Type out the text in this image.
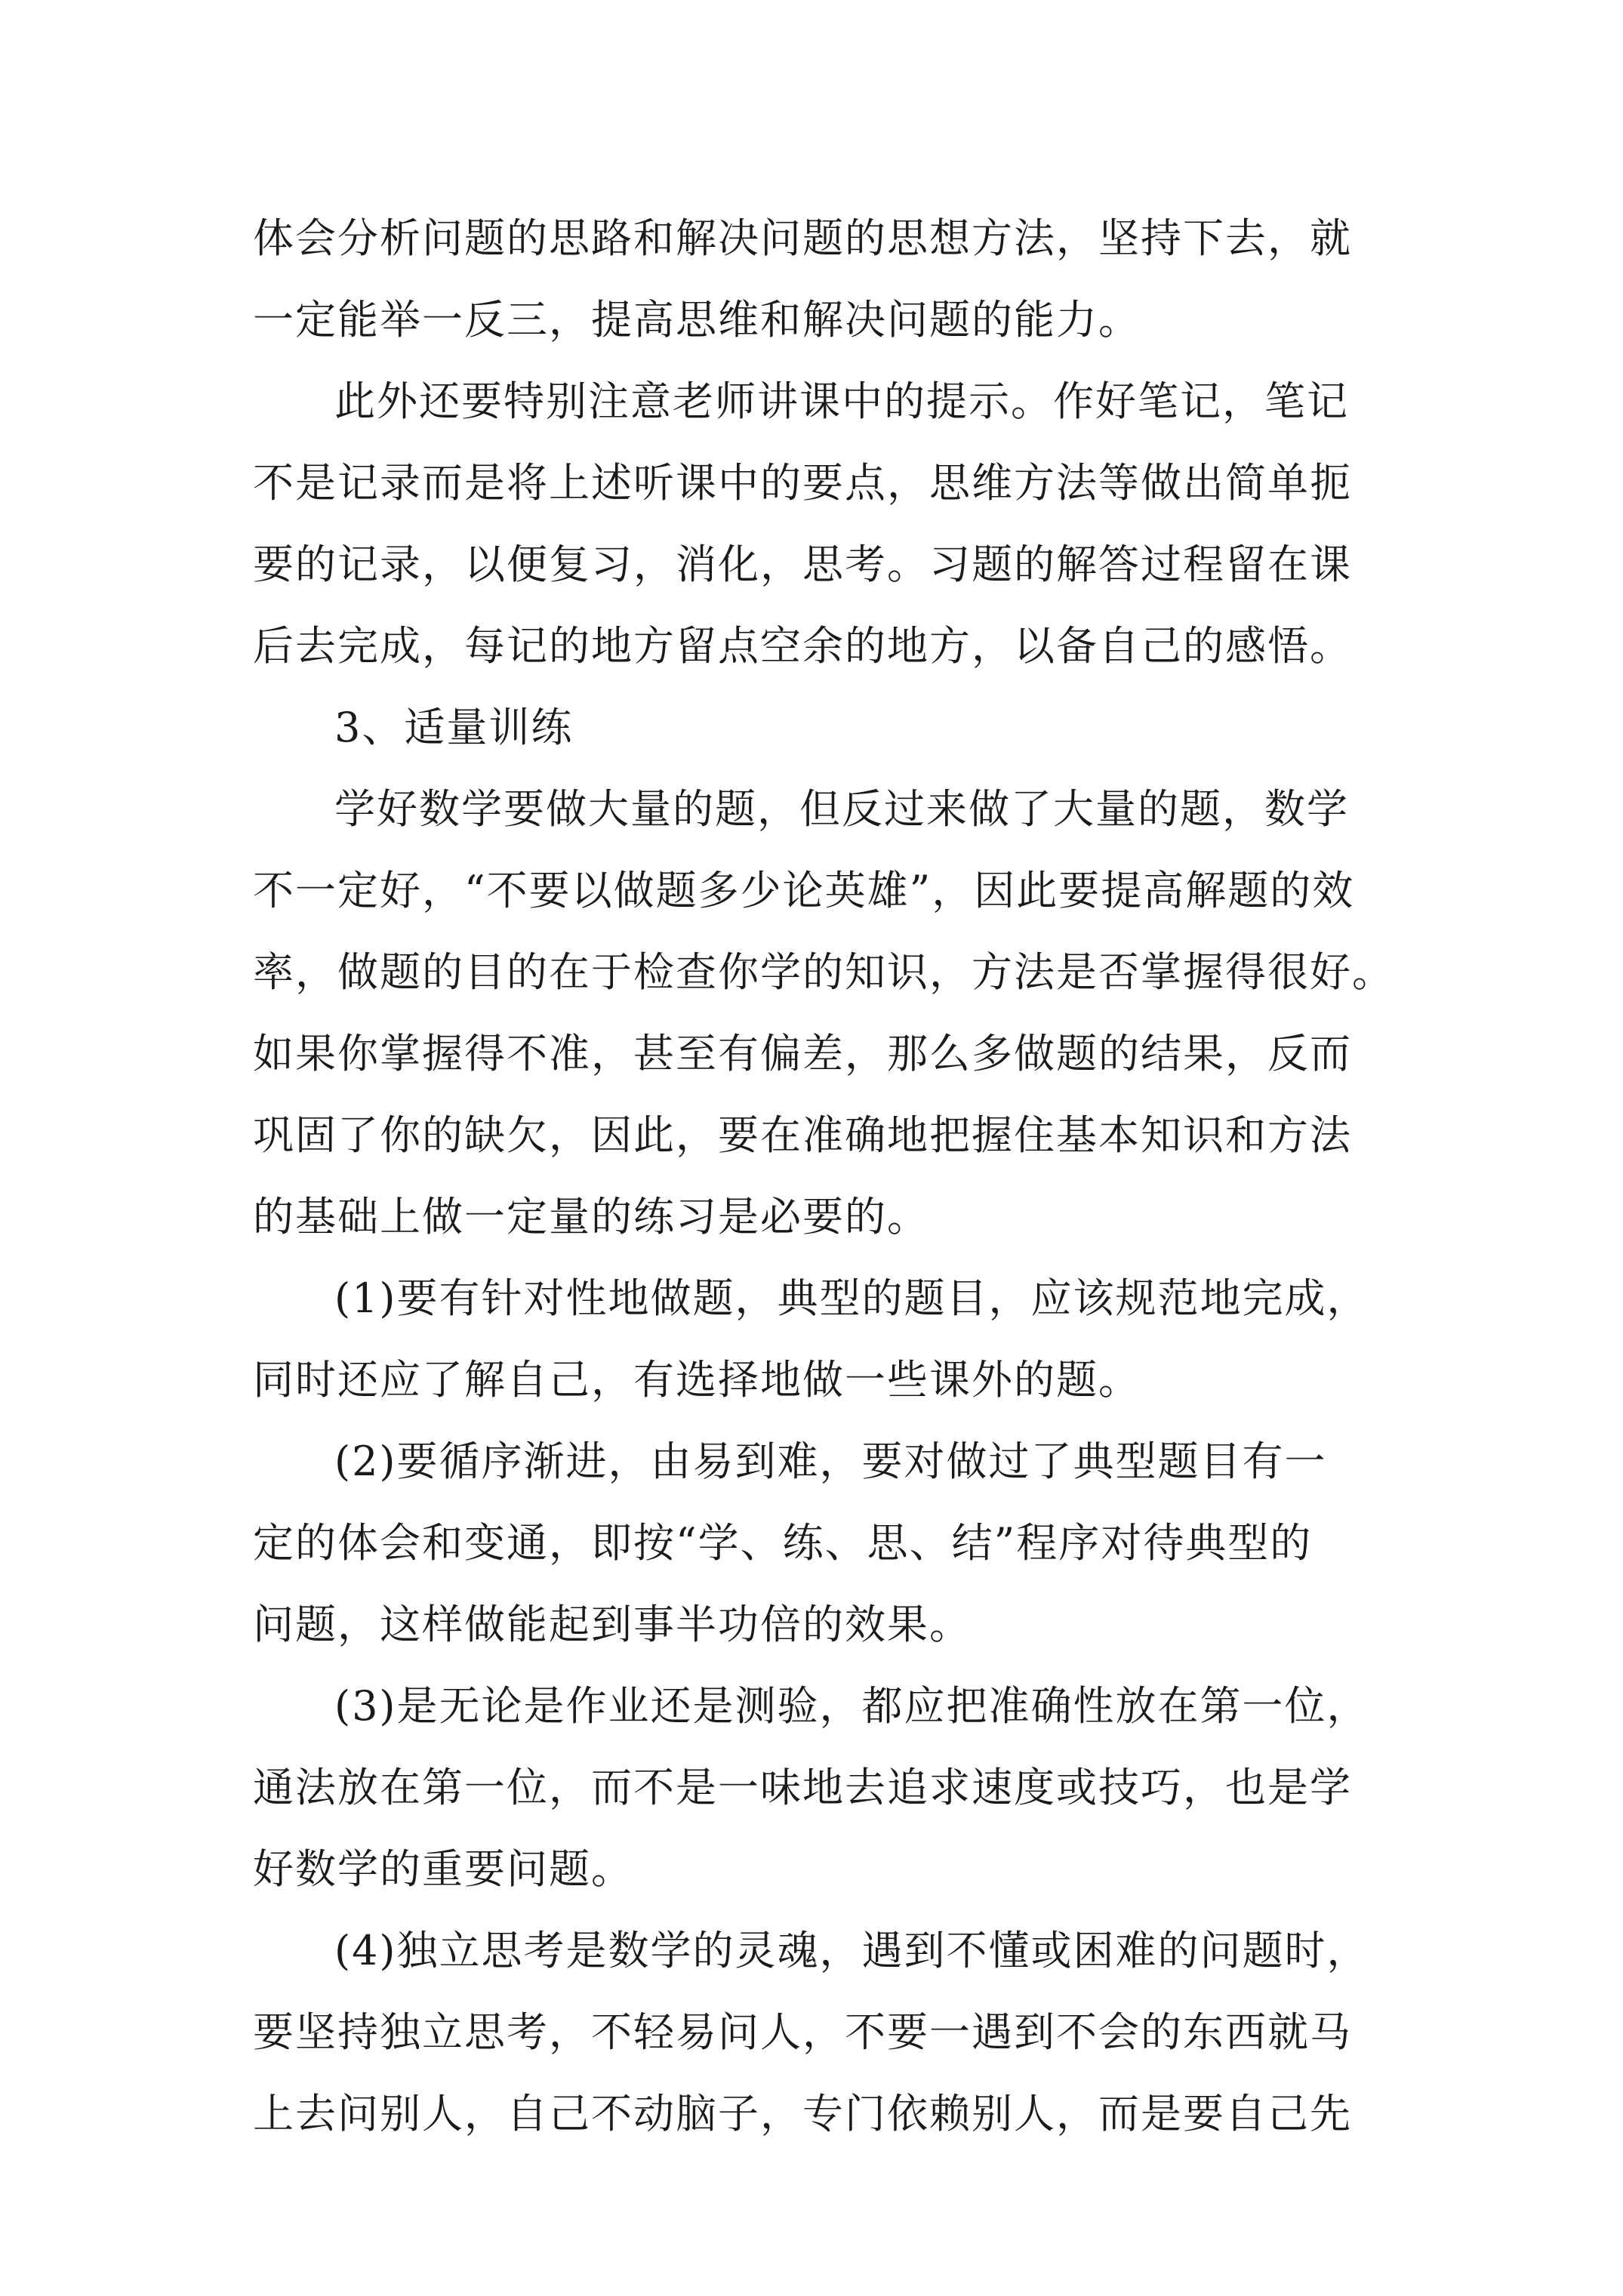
体会分析问题的思路和解决问题的思想方法，坚持下去，就
一定能举一反三，提高思维和解决问题的能力。
此外还要特别注意老师讲课中的提示。作好笔记，笔记
不是记录而是将上述听课中的要点，思维方法等做出简单扼
要的记录，以便复习，消化，思考。习题的解答过程留在课
后去完成，每记的地方留点空余的地方，以备自己的感悟。
3、适量训练
学好数学要做大量的题，但反过来做了大量的题，数学
不一定好，“不要以做题多少论英雄”，因此要提高解题的效
率，做题的目的在于检查你学的知识，方法是否掌握得很好。
如果你掌握得不准，甚至有偏差，那么多做题的结果，反而
巩固了你的缺欠，因此，要在准确地把握住基本知识和方法
的基础上做一定量的练习是必要的。
(1)要有针对性地做题，典型的题目，应该规范地完成，
同时还应了解自己，有选择地做一些课外的题。
(2)要循序渐进，由易到难，要对做过了典型题目有一
定的体会和变通，即按“学、练、思、结”程序对待典型的
问题，这样做能起到事半功倍的效果。
(3)是无论是作业还是测验，都应把准确性放在第一位，
通法放在第一位，而不是一味地去追求速度或技巧，也是学
好数学的重要问题。
(4)独立思考是数学的灵魂，遇到不懂或困难的问题时，
要坚持独立思考，不轻易问人，不要一遇到不会的东西就马
上去问别人，自己不动脑子，专门依赖别人，而是要自己先
